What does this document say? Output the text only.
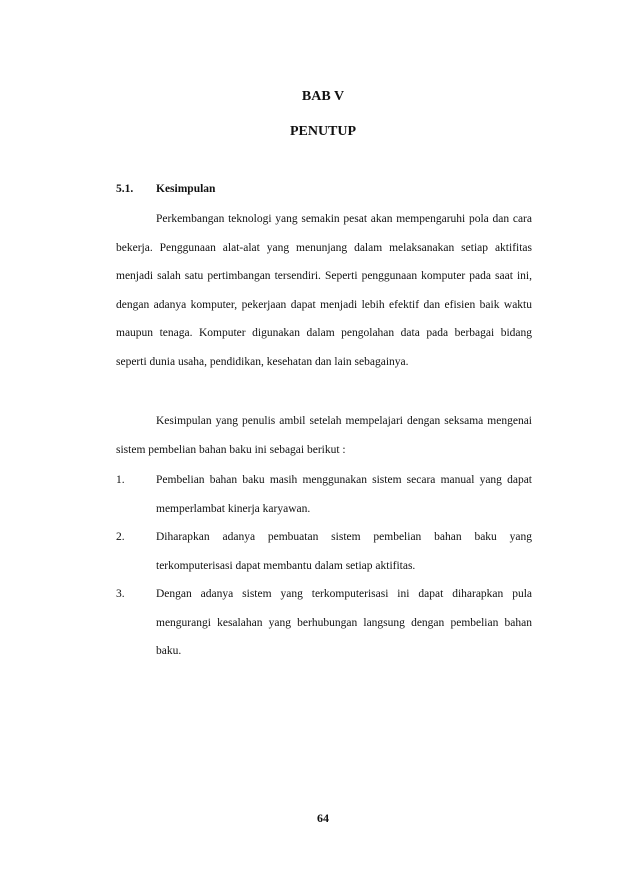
BAB V
PENUTUP
5.1.	Kesimpulan

Perkembangan teknologi yang semakin pesat akan mempengaruhi pola dan cara bekerja. Penggunaan alat-alat yang menunjang dalam melaksanakan setiap aktifitas menjadi salah satu pertimbangan tersendiri. Seperti penggunaan komputer pada saat ini, dengan adanya komputer, pekerjaan dapat menjadi lebih efektif dan efisien baik waktu maupun tenaga. Komputer digunakan dalam pengolahan data pada berbagai bidang seperti dunia usaha, pendidikan, kesehatan dan lain sebagainya.

Kesimpulan yang penulis ambil setelah mempelajari dengan seksama mengenai sistem pembelian bahan baku ini sebagai berikut :

1.	Pembelian bahan baku masih menggunakan sistem secara manual yang dapat memperlambat kinerja karyawan.
2.	Diharapkan adanya pembuatan sistem pembelian bahan baku yang terkomputerisasi dapat membantu dalam setiap aktifitas.
3.	Dengan adanya sistem yang terkomputerisasi ini dapat diharapkan pula mengurangi kesalahan yang berhubungan langsung dengan pembelian bahan baku.
64
